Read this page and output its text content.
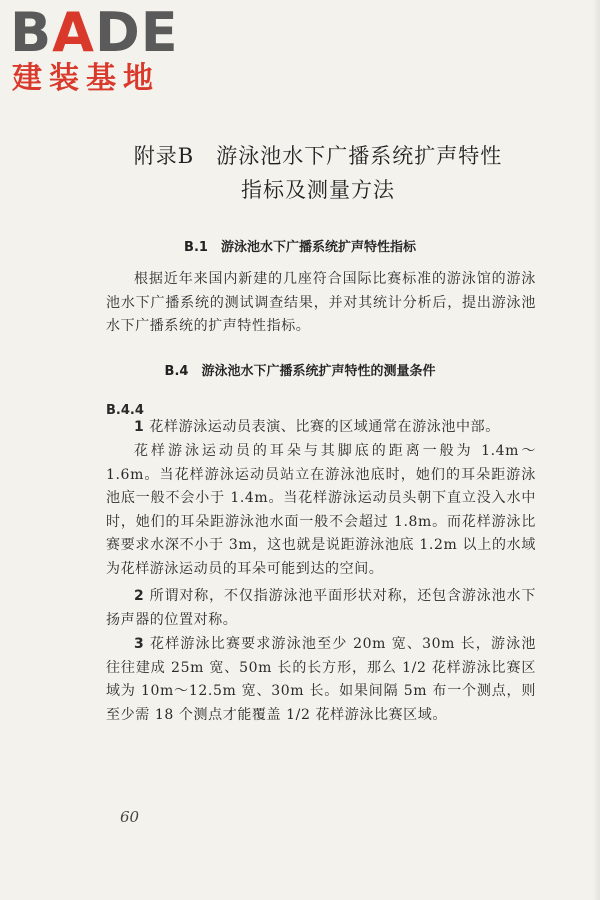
BADE
建装基地
附录B　游泳池水下广播系统扩声特性
指标及测量方法
B.1　游泳池水下广播系统扩声特性指标
根据近年来国内新建的几座符合国际比赛标准的游泳馆的游泳池水下广播系统的测试调查结果，并对其统计分析后，提出游泳池水下广播系统的扩声特性指标。
B.4　游泳池水下广播系统扩声特性的测量条件
B.4.4
1 花样游泳运动员表演、比赛的区域通常在游泳池中部。
花样游泳运动员的耳朵与其脚底的距离一般为 1.4m～1.6m。当花样游泳运动员站立在游泳池底时，她们的耳朵距游泳池底一般不会小于 1.4m。当花样游泳运动员头朝下直立没入水中时，她们的耳朵距游泳池水面一般不会超过 1.8m。而花样游泳比赛要求水深不小于 3m，这也就是说距游泳池底 1.2m 以上的水域为花样游泳运动员的耳朵可能到达的空间。
2 所谓对称，不仅指游泳池平面形状对称，还包含游泳池水下扬声器的位置对称。
3 花样游泳比赛要求游泳池至少 20m 宽、30m 长，游泳池往往建成 25m 宽、50m 长的长方形，那么 1/2 花样游泳比赛区域为 10m～12.5m 宽、30m 长。如果间隔 5m 布一个测点，则至少需 18 个测点才能覆盖 1/2 花样游泳比赛区域。
60
